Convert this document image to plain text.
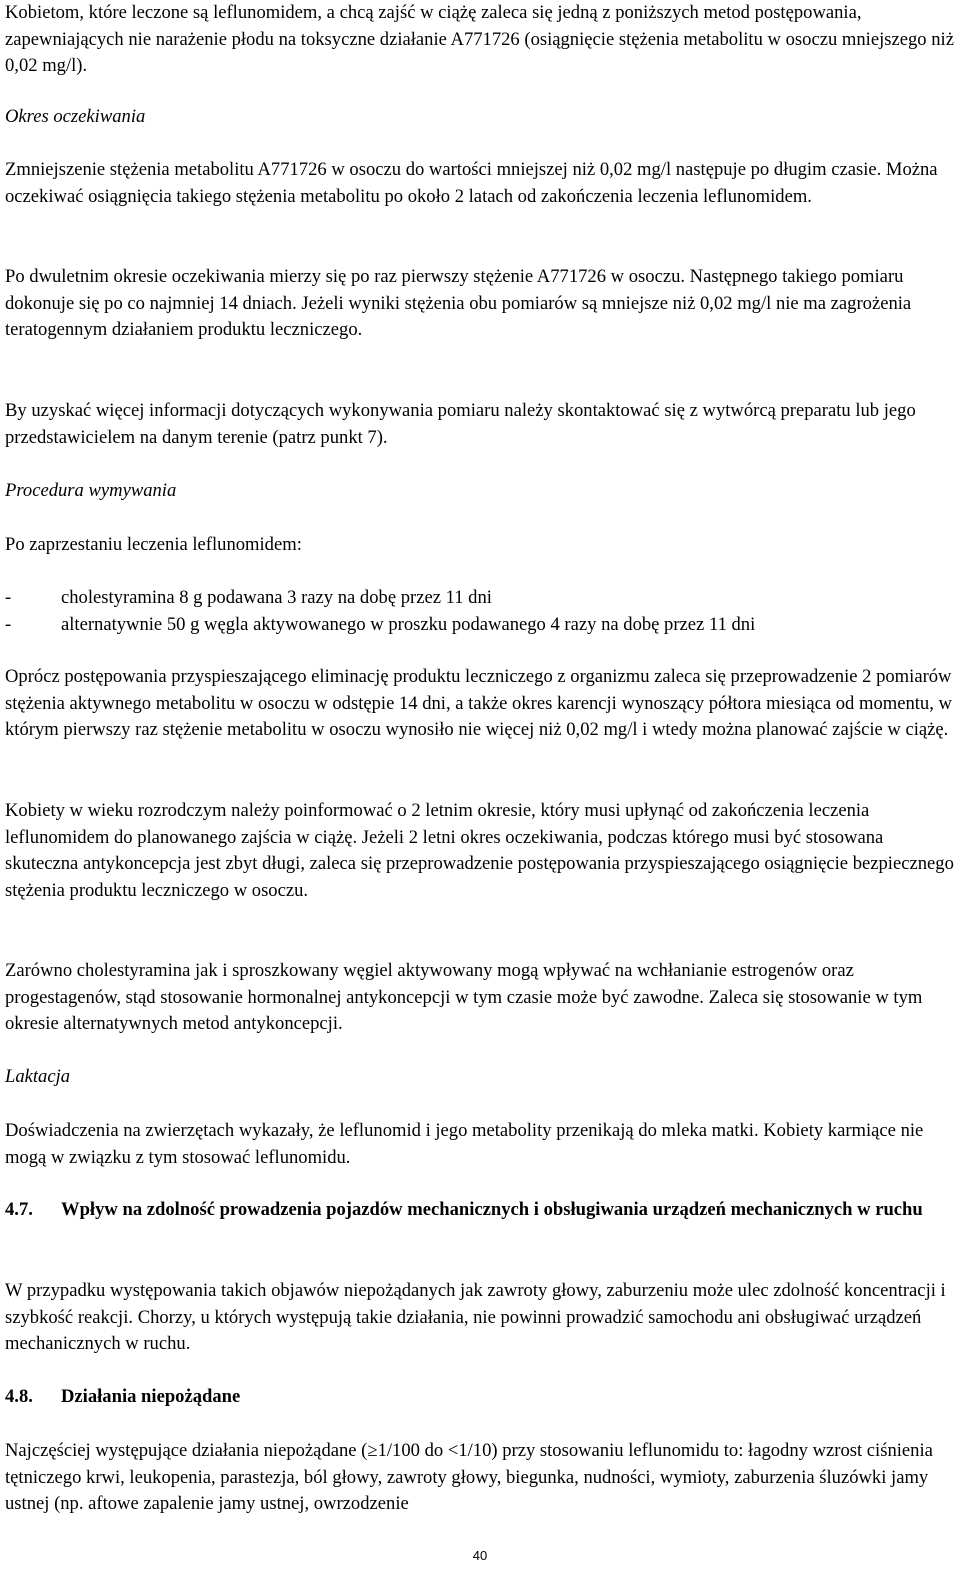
Kobietom, które leczone są leflunomidem, a chcą zajść w ciążę zaleca się jedną z poniższych metod postępowania, zapewniających nie narażenie płodu na toksyczne działanie A771726 (osiągnięcie stężenia metabolitu w osoczu mniejszego niż 0,02 mg/l).

Okres oczekiwania

Zmniejszenie stężenia metabolitu A771726 w osoczu do wartości mniejszej niż 0,02 mg/l następuje po długim czasie. Można oczekiwać osiągnięcia takiego stężenia metabolitu po około 2 latach od zakończenia leczenia leflunomidem.

Po dwuletnim okresie oczekiwania mierzy się po raz pierwszy stężenie A771726 w osoczu. Następnego takiego pomiaru dokonuje się po co najmniej 14 dniach. Jeżeli wyniki stężenia obu pomiarów są mniejsze niż 0,02 mg/l nie ma zagrożenia teratogennym działaniem produktu leczniczego.

By uzyskać więcej informacji dotyczących wykonywania pomiaru należy skontaktować się z wytwórcą preparatu lub jego przedstawicielem na danym terenie (patrz punkt 7).

Procedura wymywania

Po zaprzestaniu leczenia leflunomidem:

-	cholestyramina 8 g podawana 3 razy na dobę przez 11 dni
-	alternatywnie 50 g węgla aktywowanego w proszku podawanego 4 razy na dobę przez 11 dni

Oprócz postępowania przyspieszającego eliminację produktu leczniczego z organizmu zaleca się przeprowadzenie 2 pomiarów stężenia aktywnego metabolitu w osoczu w odstępie 14 dni, a także okres karencji wynoszący półtora miesiąca od momentu, w którym pierwszy raz stężenie metabolitu w osoczu wynosiło nie więcej niż 0,02 mg/l i wtedy można planować zajście w ciążę.

Kobiety w wieku rozrodczym należy poinformować o 2 letnim okresie, który musi upłynąć od zakończenia leczenia leflunomidem do planowanego zajścia w ciążę. Jeżeli 2 letni okres oczekiwania, podczas którego musi być stosowana skuteczna antykoncepcja jest zbyt długi, zaleca się przeprowadzenie postępowania przyspieszającego osiągnięcie bezpiecznego stężenia produktu leczniczego w osoczu.

Zarówno cholestyramina jak i sproszkowany węgiel aktywowany mogą wpływać na wchłanianie estrogenów oraz progestagenów, stąd stosowanie hormonalnej antykoncepcji w tym czasie może być zawodne. Zaleca się stosowanie w tym okresie alternatywnych metod antykoncepcji.

Laktacja

Doświadczenia na zwierzętach wykazały, że leflunomid i jego metabolity przenikają do mleka matki. Kobiety karmiące nie mogą w związku z tym stosować leflunomidu.

4.7. Wpływ na zdolność prowadzenia pojazdów mechanicznych i obsługiwania urządzeń mechanicznych w ruchu

W przypadku występowania takich objawów niepożądanych jak zawroty głowy, zaburzeniu może ulec zdolność koncentracji i szybkość reakcji. Chorzy, u których występują takie działania, nie powinni prowadzić samochodu ani obsługiwać urządzeń mechanicznych w ruchu.

4.8. Działania niepożądane

Najczęściej występujące działania niepożądane (≥1/100 do <1/10) przy stosowaniu leflunomidu to: łagodny wzrost ciśnienia tętniczego krwi, leukopenia, parastezja, ból głowy, zawroty głowy, biegunka, nudności, wymioty, zaburzenia śluzówki jamy ustnej (np. aftowe zapalenie jamy ustnej, owrzodzenie

40
